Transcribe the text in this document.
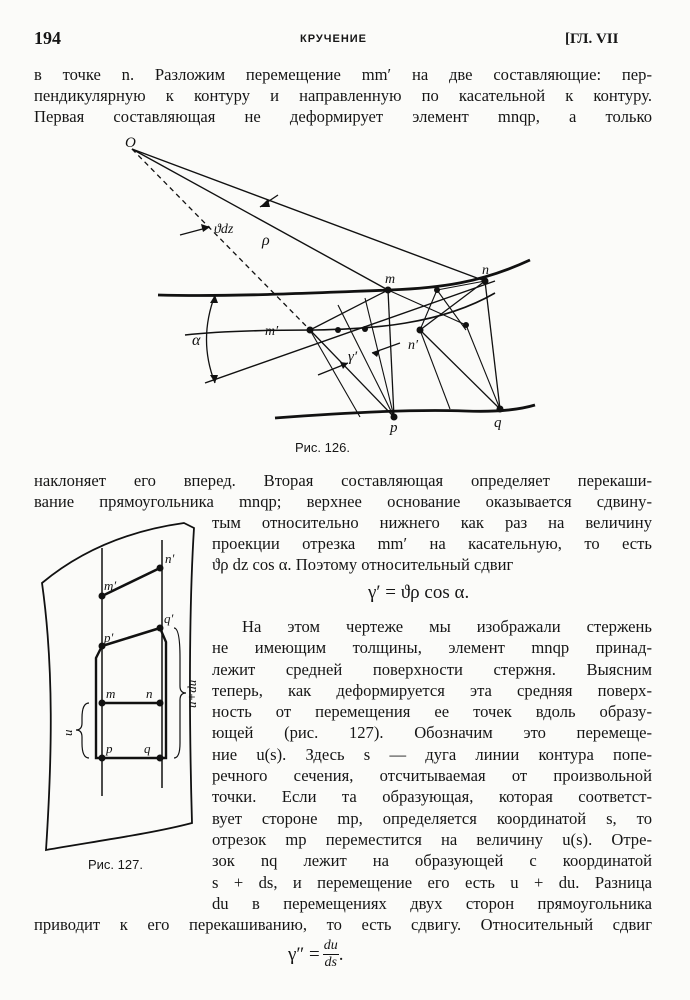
194	КРУЧЕНИЕ	[ГЛ. VII
в точке n. Разложим перемещение mm′ на две составляющие: пер-
пендикулярную к контуру и направленную по касательной к контуру.
Первая составляющая не деформирует элемент mnqp, а только
O
ϑdz
ρ
α
m
n
m′
n′
γ′
p	q
Рис. 126.
наклоняет его вперед. Вторая составляющая определяет перекаши-
вание прямоугольника mnqp; верхнее основание оказывается сдвину-
тым относительно нижнего как раз на величину
проекции отрезка mm′ на касательную, то есть
ϑρ dz cos α. Поэтому относительный сдвиг
γ′ = ϑρ cos α.
n′
m′
q′
p′
u+du
u
m n
p q
Рис. 127.
На этом чертеже мы изображали стержень
не имеющим толщины, элемент mnqp принад-
лежит средней поверхности стержня. Выясним
теперь, как деформируется эта средняя поверх-
ность от перемещения ее точек вдоль образу-
ющей (рис. 127). Обозначим это перемеще-
ние u(s). Здесь s — дуга линии контура попе-
речного сечения, отсчитываемая от произвольной
точки. Если та образующая, которая соответст-
вует стороне mp, определяется координатой s, то
отрезок mp переместится на величину u(s). Отре-
зок nq лежит на образующей с координатой
s + ds, и перемещение его есть u + du. Разница
du в перемещениях двух сторон прямоугольника
приводит к его перекашиванию, то есть сдвигу. Относительный сдвиг
$\gamma'' = \frac{du}{ds}$ .
